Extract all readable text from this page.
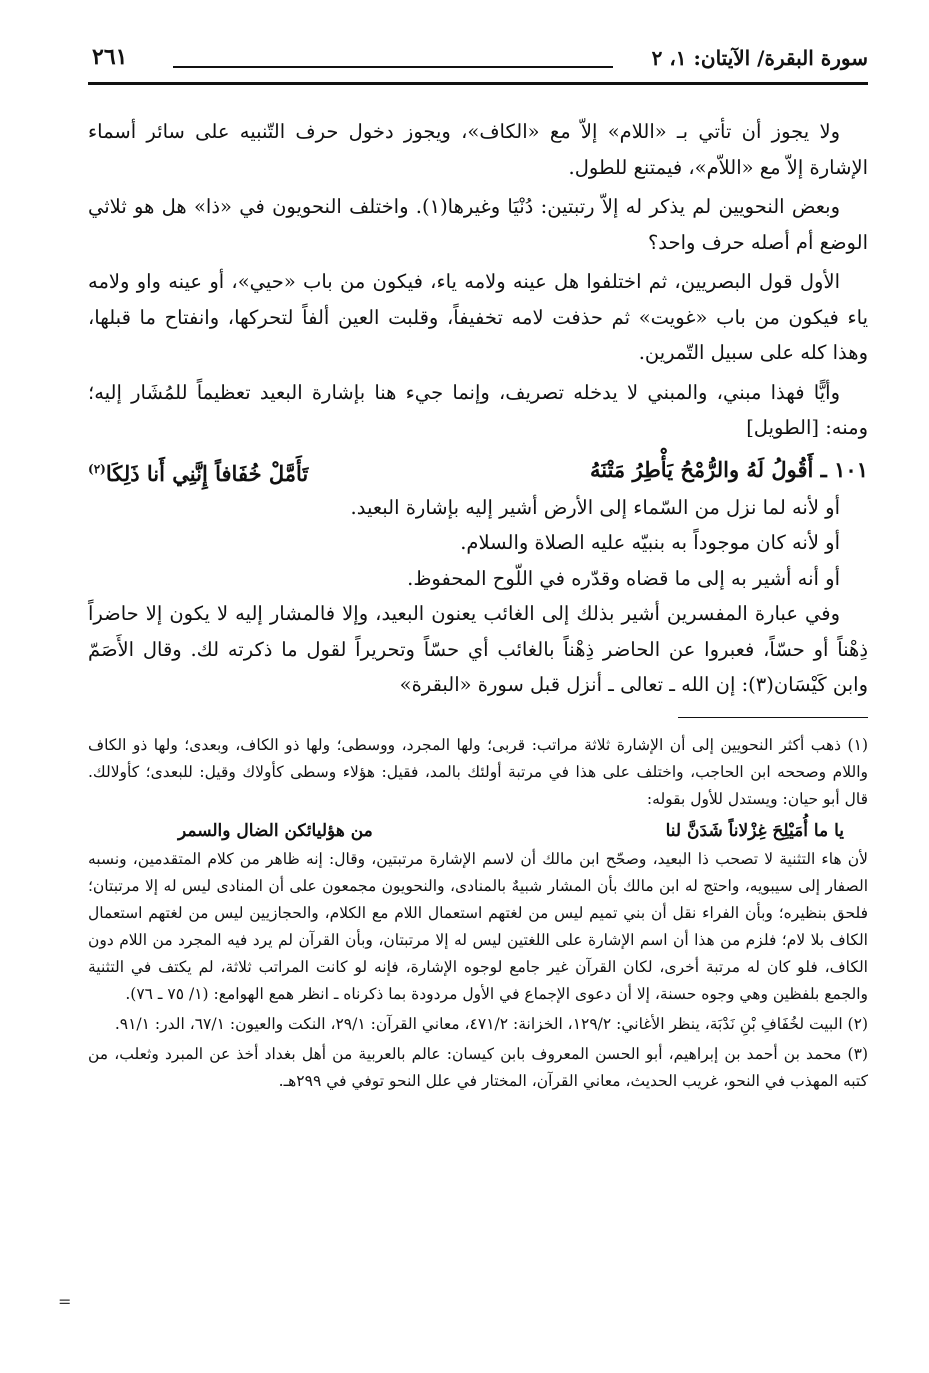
سورة البقرة/ الآيتان: ١، ٢
٢٦١

ولا يجوز أن تأتي بـ «اللام» إلاّ مع «الكاف»، ويجوز دخول حرف التّنبيه على سائر أسماء الإشارة إلاّ مع «اللاّم»، فيمتنع للطول.

وبعض النحويين لم يذكر له إلاّ رتبتين: دُنْيَا وغيرها(١). واختلف النحويون في «ذا» هل هو ثلاثي الوضع أم أصله حرف واحد؟

الأول قول البصريين، ثم اختلفوا هل عينه ولامه ياء، فيكون من باب «حيي»، أو عينه واو ولامه ياء فيكون من باب «غويت» ثم حذفت لامه تخفيفاً، وقلبت العين ألفاً لتحركها، وانفتاح ما قبلها، وهذا كله على سبيل التّمرين.

وأيًّا فهذا مبني، والمبني لا يدخله تصريف، وإنما جيء هنا بإشارة البعيد تعظيماً للمُشَار إليه؛ ومنه: [الطويل]

١٠١ ـ أَقُولُ لَهُ والرُّمْحُ يَأْطِرُ مَتْنَهُ
تَأَمَّلْ خُفَافاً إِنَّنِي أَنا ذَلِكَا$^{(٢)}$

أو لأنه لما نزل من السّماء إلى الأرض أشير إليه بإشارة البعيد.

أو لأنه كان موجوداً به بنبيّه عليه الصلاة والسلام.

أو أنه أشير به إلى ما قضاه وقدّره في اللّوح المحفوظ.

وفي عبارة المفسرين أشير بذلك إلى الغائب يعنون البعيد، وإلا فالمشار إليه لا يكون إلا حاضراً ذِهْناً أو حسّاً، فعبروا عن الحاضر ذِهْناً بالغائب أي حسّاً وتحريراً لقول ما ذكرته لك. وقال الأَصَمّ وابن كَيْسَان(٣): إن الله ـ تعالى ـ أنزل قبل سورة «البقرة»

(١) ذهب أكثر النحويين إلى أن الإشارة ثلاثة مراتب: قربى؛ ولها المجرد، ووسطى؛ ولها ذو الكاف، وبعدى؛ ولها ذو الكاف واللام وصححه ابن الحاجب، واختلف على هذا في مرتبة أولئك بالمد، فقيل: هؤلاء وسطى كأولاك وقيل: للبعدى؛ كأولالك. قال أبو حيان: ويستدل للأول بقوله:

يا ما أُمَيْلِحَ غِزْلاناً شَدَنَّ لنا
من هؤليائكن الضال والسمر

لأن هاء التثنية لا تصحب ذا البعيد، وصحّح ابن مالك أن لاسم الإشارة مرتبتين، وقال: إنه ظاهر من كلام المتقدمين، ونسبه الصفار إلى سيبويه، واحتج له ابن مالك بأن المشار شبيهٌ بالمنادى، والنحويون مجمعون على أن المنادى ليس له إلا مرتبتان؛ فلحق بنظيره؛ وبأن الفراء نقل أن بني تميم ليس من لغتهم استعمال اللام مع الكلام، والحجازيين ليس من لغتهم استعمال الكاف بلا لام؛ فلزم من هذا أن اسم الإشارة على اللغتين ليس له إلا مرتبتان، وبأن القرآن لم يرد فيه المجرد من اللام دون الكاف، فلو كان له مرتبة أخرى، لكان القرآن غير جامع لوجوه الإشارة، فإنه لو كانت المراتب ثلاثة، لم يكتف في التثنية والجمع بلفظين وهي وجوه حسنة، إلا أن دعوى الإجماع في الأول مردودة بما ذكرناه ـ انظر همع الهوامع: (١/ ٧٥ ـ ٧٦).

(٢) البيت لخُفَافِ بْنِ نَدْبَة، ينظر الأغاني: ١٢٩/٢، الخزانة: ٤٧١/٢، معاني القرآن: ٢٩/١، النكت والعيون: ٦٧/١، الدر: ٩١/١.

(٣) محمد بن أحمد بن إبراهيم، أبو الحسن المعروف بابن كيسان: عالم بالعربية من أهل بغداد أخذ عن المبرد وثعلب، من كتبه المهذب في النحو، غريب الحديث، معاني القرآن، المختار في علل النحو توفي في ٢٩٩هـ.

=
